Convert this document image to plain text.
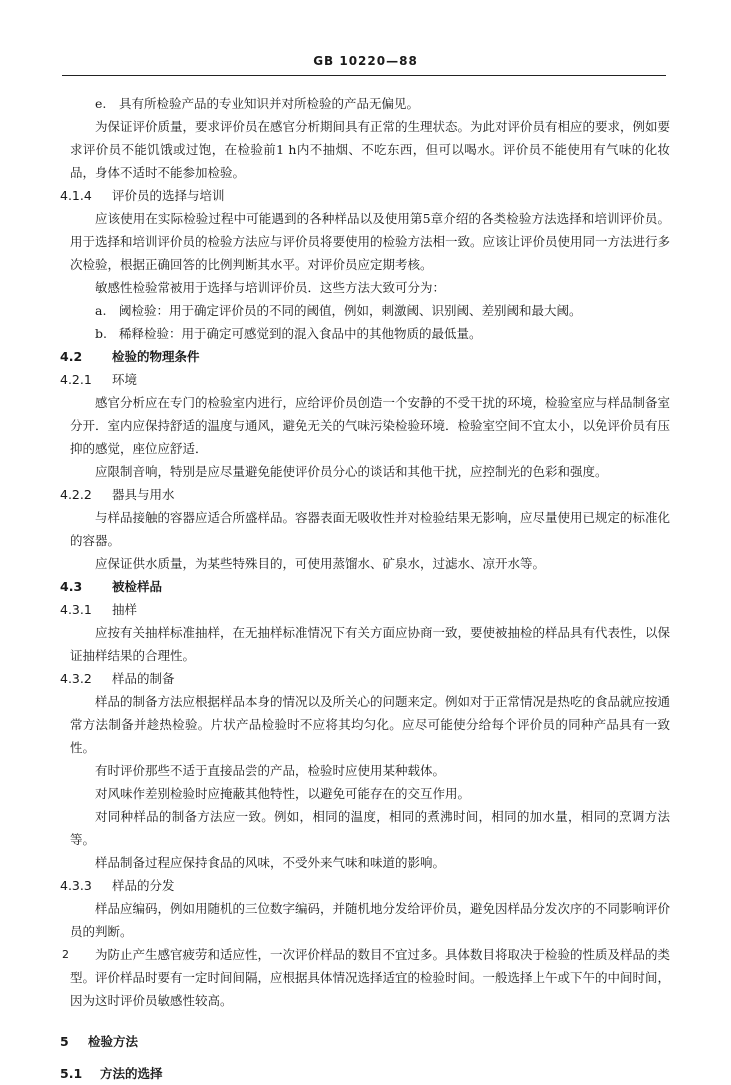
GB 10220—88

e. 具有所检验产品的专业知识并对所检验的产品无偏见。

为保证评价质量，要求评价员在感官分析期间具有正常的生理状态。为此对评价员有相应的要求，例如要求评价员不能饥饿或过饱，在检验前1 h内不抽烟、不吃东西，但可以喝水。评价员不能使用有气味的化妆品，身体不适时不能参加检验。

4.1.4 评价员的选择与培训

应该使用在实际检验过程中可能遇到的各种样品以及使用第5章介绍的各类检验方法选择和培训评价员。用于选择和培训评价员的检验方法应与评价员将要使用的检验方法相一致。应该让评价员使用同一方法进行多次检验，根据正确回答的比例判断其水平。对评价员应定期考核。

敏感性检验常被用于选择与培训评价员．这些方法大致可分为：

a. 阈检验：用于确定评价员的不同的阈值，例如，刺激阈、识别阈、差别阈和最大阈。

b. 稀释检验：用于确定可感觉到的混入食品中的其他物质的最低量。

4.2 检验的物理条件
4.2.1 环境

感官分析应在专门的检验室内进行，应给评价员创造一个安静的不受干扰的环境，检验室应与样品制备室分开．室内应保持舒适的温度与通风，避免无关的气味污染检验环境．检验室空间不宜太小，以免评价员有压抑的感觉，座位应舒适．

应限制音响，特别是应尽量避免能使评价员分心的谈话和其他干扰，应控制光的色彩和强度。

4.2.2 器具与用水

与样品接触的容器应适合所盛样品。容器表面无吸收性并对检验结果无影响，应尽量使用已规定的标准化的容器。

应保证供水质量，为某些特殊目的，可使用蒸馏水、矿泉水，过滤水、凉开水等。

4.3 被检样品
4.3.1 抽样

应按有关抽样标准抽样，在无抽样标准情况下有关方面应协商一致，要使被抽检的样品具有代表性，以保证抽样结果的合理性。

4.3.2 样品的制备

样品的制备方法应根据样品本身的情况以及所关心的问题来定。例如对于正常情况是热吃的食品就应按通常方法制备并趁热检验。片状产品检验时不应将其均匀化。应尽可能使分给每个评价员的同种产品具有一致性。

有时评价那些不适于直接品尝的产品，检验时应使用某种载体。

对风味作差别检验时应掩蔽其他特性，以避免可能存在的交互作用。

对同种样品的制备方法应一致。例如，相同的温度，相同的煮沸时间，相同的加水量，相同的烹调方法等。

样品制备过程应保持食品的风味，不受外来气味和味道的影响。

4.3.3 样品的分发

样品应编码，例如用随机的三位数字编码，并随机地分发给评价员，避免因样品分发次序的不同影响评价员的判断。

为防止产生感官疲劳和适应性，一次评价样品的数目不宜过多。具体数目将取决于检验的性质及样品的类型。评价样品时要有一定时间间隔，应根据具体情况选择适宜的检验时间。一般选择上午或下午的中间时间，因为这时评价员敏感性较高。

5 检验方法
5.1 方法的选择
2
